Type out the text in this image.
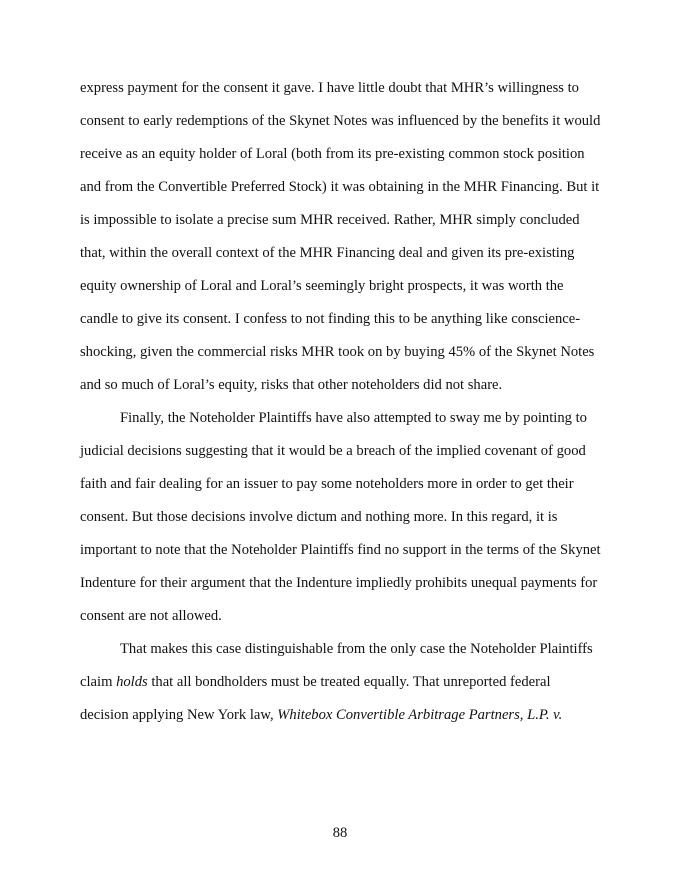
express payment for the consent it gave. I have little doubt that MHR’s willingness to
consent to early redemptions of the Skynet Notes was influenced by the benefits it would
receive as an equity holder of Loral (both from its pre-existing common stock position
and from the Convertible Preferred Stock) it was obtaining in the MHR Financing. But it
is impossible to isolate a precise sum MHR received. Rather, MHR simply concluded
that, within the overall context of the MHR Financing deal and given its pre-existing
equity ownership of Loral and Loral’s seemingly bright prospects, it was worth the
candle to give its consent. I confess to not finding this to be anything like conscience-
shocking, given the commercial risks MHR took on by buying 45% of the Skynet Notes
and so much of Loral’s equity, risks that other noteholders did not share.
Finally, the Noteholder Plaintiffs have also attempted to sway me by pointing to
judicial decisions suggesting that it would be a breach of the implied covenant of good
faith and fair dealing for an issuer to pay some noteholders more in order to get their
consent. But those decisions involve dictum and nothing more. In this regard, it is
important to note that the Noteholder Plaintiffs find no support in the terms of the Skynet
Indenture for their argument that the Indenture impliedly prohibits unequal payments for
consent are not allowed.
That makes this case distinguishable from the only case the Noteholder Plaintiffs
claim holds that all bondholders must be treated equally. That unreported federal
decision applying New York law, Whitebox Convertible Arbitrage Partners, L.P. v.
88
